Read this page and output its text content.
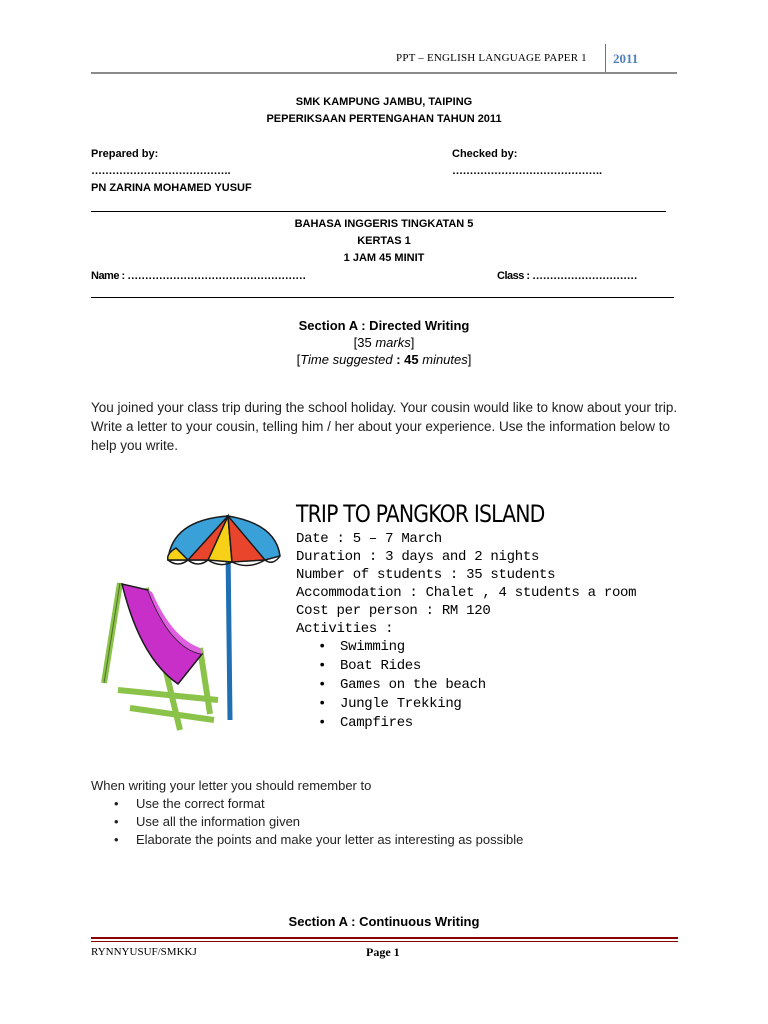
PPT – ENGLISH LANGUAGE PAPER 1 2011
SMK KAMPUNG JAMBU, TAIPING
PEPERIKSAAN PERTENGAHAN TAHUN 2011
Prepared by:
………………………………….
PN ZARINA MOHAMED YUSUF
Checked by:
…………………………………….
BAHASA INGGERIS TINGKATAN 5
KERTAS 1
1 JAM 45 MINIT
Name : ……………………………………………	Class : …………………………
Section A : Directed Writing
[35 marks]
[Time suggested : 45 minutes]
You joined your class trip during the school holiday. Your cousin would like to know about your trip. Write a letter to your cousin, telling him / her about your experience. Use the information below to help you write.
TRIP TO PANGKOR ISLAND
Date : 5 – 7 March
Duration : 3 days and 2 nights
Number of students : 35 students
Accommodation : Chalet , 4 students a room
Cost per person : RM 120
Activities :
• Swimming
• Boat Rides
• Games on the beach
• Jungle Trekking
• Campfires
When writing your letter you should remember to
• Use the correct format
• Use all the information given
• Elaborate the points and make your letter as interesting as possible
Section A : Continuous Writing
RYNNYUSUF/SMKKJ	Page 1
